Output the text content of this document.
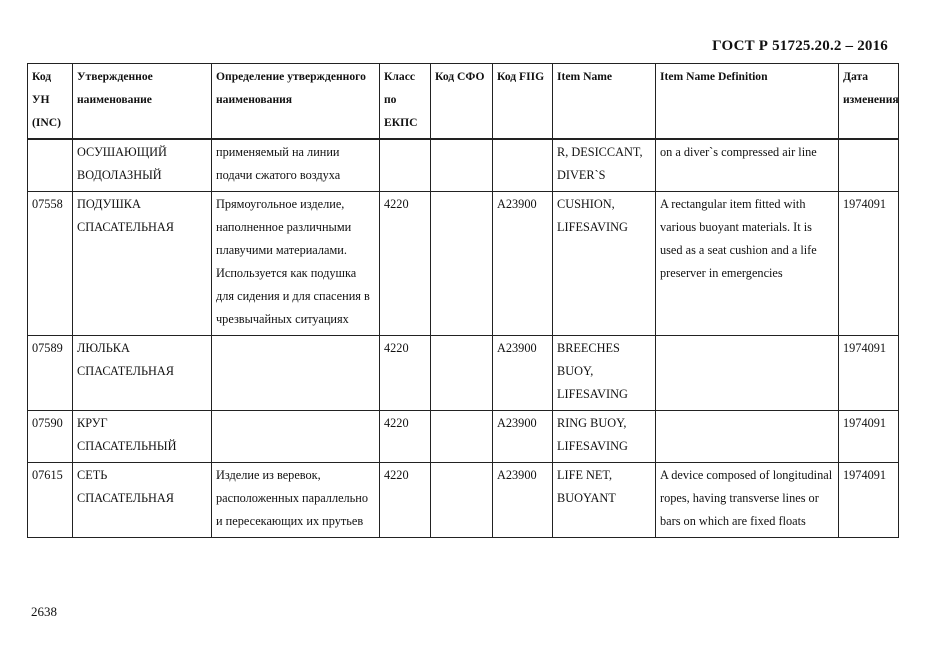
ГОСТ Р 51725.20.2 – 2016
Код УН (INC)	Утвержденное наименование	Определение утвержденного наименования	Класс по ЕКПС	Код СФО	Код FIIG	Item Name	Item Name Definition	Дата изменения
	ОСУШАЮЩИЙ ВОДОЛАЗНЫЙ	применяемый на линии подачи сжатого воздуха				R, DESICCANT, DIVER`S	on a diver`s compressed air line	
07558	ПОДУШКА СПАСАТЕЛЬНАЯ	Прямоугольное изделие, наполненное различными плавучими материалами. Используется как подушка для сидения и для спасения в чрезвычайных ситуациях	4220		A23900	CUSHION, LIFESAVING	A rectangular item fitted with various buoyant materials. It is used as a seat cushion and a life preserver in emergencies	1974091
07589	ЛЮЛЬКА СПАСАТЕЛЬНАЯ		4220		A23900	BREECHES BUOY, LIFESAVING		1974091
07590	КРУГ СПАСАТЕЛЬНЫЙ		4220		A23900	RING BUOY, LIFESAVING		1974091
07615	СЕТЬ СПАСАТЕЛЬНАЯ	Изделие из веревок, расположенных параллельно и пересекающих их прутьев	4220		A23900	LIFE NET, BUOYANT	A device composed of longitudinal ropes, having transverse lines or bars on which are fixed floats	1974091
2638
